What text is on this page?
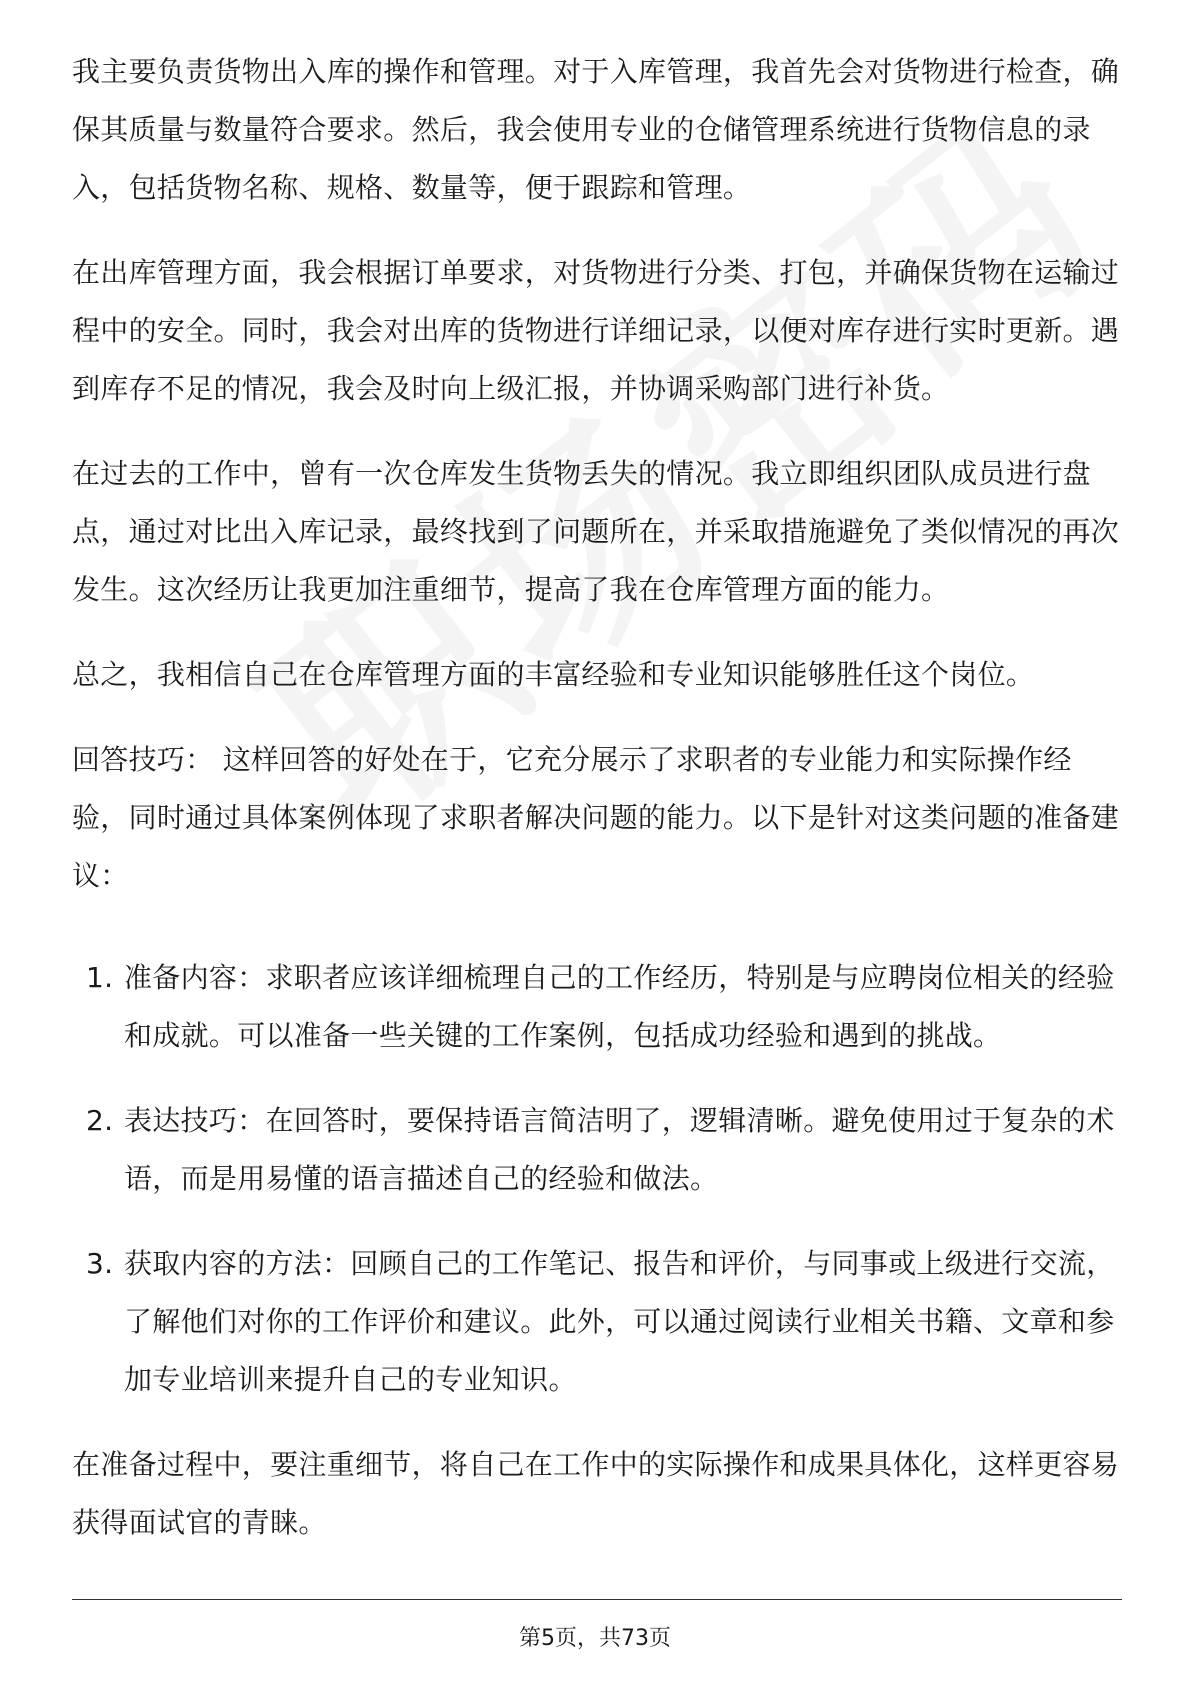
我主要负责货物出入库的操作和管理。对于入库管理，我首先会对货物进行检查，确保其质量与数量符合要求。然后，我会使用专业的仓储管理系统进行货物信息的录入，包括货物名称、规格、数量等，便于跟踪和管理。

在出库管理方面，我会根据订单要求，对货物进行分类、打包，并确保货物在运输过程中的安全。同时，我会对出库的货物进行详细记录，以便对库存进行实时更新。遇到库存不足的情况，我会及时向上级汇报，并协调采购部门进行补货。

在过去的工作中，曾有一次仓库发生货物丢失的情况。我立即组织团队成员进行盘点，通过对比出入库记录，最终找到了问题所在，并采取措施避免了类似情况的再次发生。这次经历让我更加注重细节，提高了我在仓库管理方面的能力。

总之，我相信自己在仓库管理方面的丰富经验和专业知识能够胜任这个岗位。

回答技巧： 这样回答的好处在于，它充分展示了求职者的专业能力和实际操作经验，同时通过具体案例体现了求职者解决问题的能力。以下是针对这类问题的准备建议：

1. 准备内容：求职者应该详细梳理自己的工作经历，特别是与应聘岗位相关的经验和成就。可以准备一些关键的工作案例，包括成功经验和遇到的挑战。
2. 表达技巧：在回答时，要保持语言简洁明了，逻辑清晰。避免使用过于复杂的术语，而是用易懂的语言描述自己的经验和做法。
3. 获取内容的方法：回顾自己的工作笔记、报告和评价，与同事或上级进行交流，了解他们对你的工作评价和建议。此外，可以通过阅读行业相关书籍、文章和参加专业培训来提升自己的专业知识。

在准备过程中，要注重细节，将自己在工作中的实际操作和成果具体化，这样更容易获得面试官的青睐。

第5页，共73页
